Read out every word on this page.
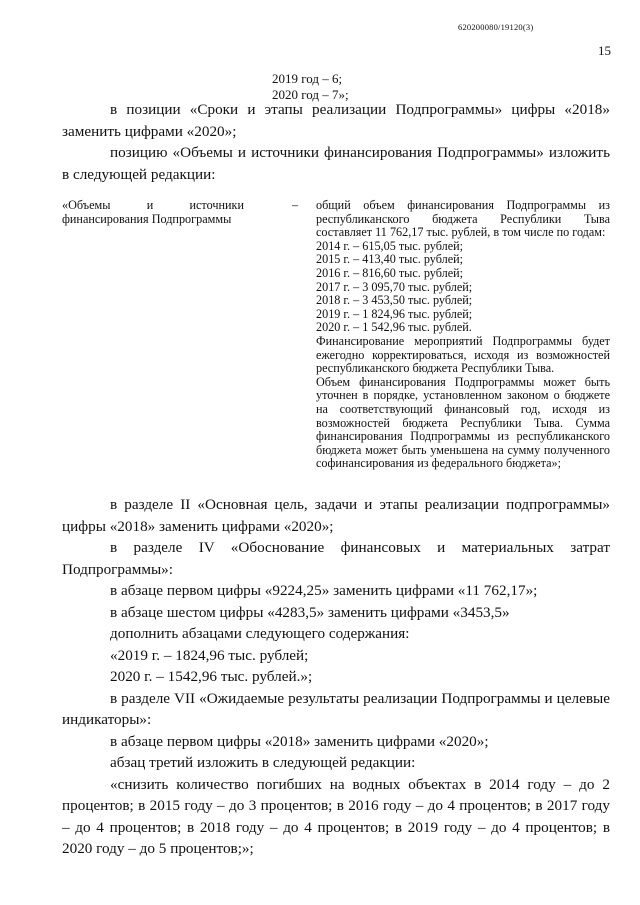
620200080/19120(3)
15
2019 год – 6;
2020 год – 7»;

в позиции «Сроки и этапы реализации Подпрограммы» цифры «2018» заменить цифрами «2020»;

позицию «Объемы и источники финансирования Подпрограммы» изложить в следующей редакции:

«Объемы и источники финансирования Подпрограммы
– общий объем финансирования Подпрограммы из республиканского бюджета Республики Тыва составляет 11 762,17 тыс. рублей, в том числе по годам:
2014 г. – 615,05 тыс. рублей;
2015 г. – 413,40 тыс. рублей;
2016 г. – 816,60 тыс. рублей;
2017 г. – 3 095,70 тыс. рублей;
2018 г. – 3 453,50 тыс. рублей;
2019 г. – 1 824,96 тыс. рублей;
2020 г. – 1 542,96 тыс. рублей.
Финансирование мероприятий Подпрограммы будет ежегодно корректироваться, исходя из возможностей республиканского бюджета Республики Тыва.
Объем финансирования Подпрограммы может быть уточнен в порядке, установленном законом о бюджете на соответствующий финансовый год, исходя из возможностей бюджета Республики Тыва. Сумма финансирования Подпрограммы из республиканского бюджета может быть уменьшена на сумму полученного софинансирования из федерального бюджета»;

в разделе II «Основная цель, задачи и этапы реализации подпрограммы» цифры «2018» заменить цифрами «2020»;

в разделе IV «Обоснование финансовых и материальных затрат Подпрограммы»:

в абзаце первом цифры «9224,25» заменить цифрами «11 762,17»;

в абзаце шестом цифры «4283,5» заменить цифрами «3453,5»

дополнить абзацами следующего содержания:

«2019 г. – 1824,96 тыс. рублей;

2020 г. – 1542,96 тыс. рублей.»;

в разделе VII «Ожидаемые результаты реализации Подпрограммы и целевые индикаторы»:

в абзаце первом цифры «2018» заменить цифрами «2020»;

абзац третий изложить в следующей редакции:

«снизить количество погибших на водных объектах в 2014 году – до 2 процентов; в 2015 году – до 3 процентов; в 2016 году – до 4 процентов; в 2017 году – до 4 процентов; в 2018 году – до 4 процентов; в 2019 году – до 4 процентов; в 2020 году – до 5 процентов;»;
